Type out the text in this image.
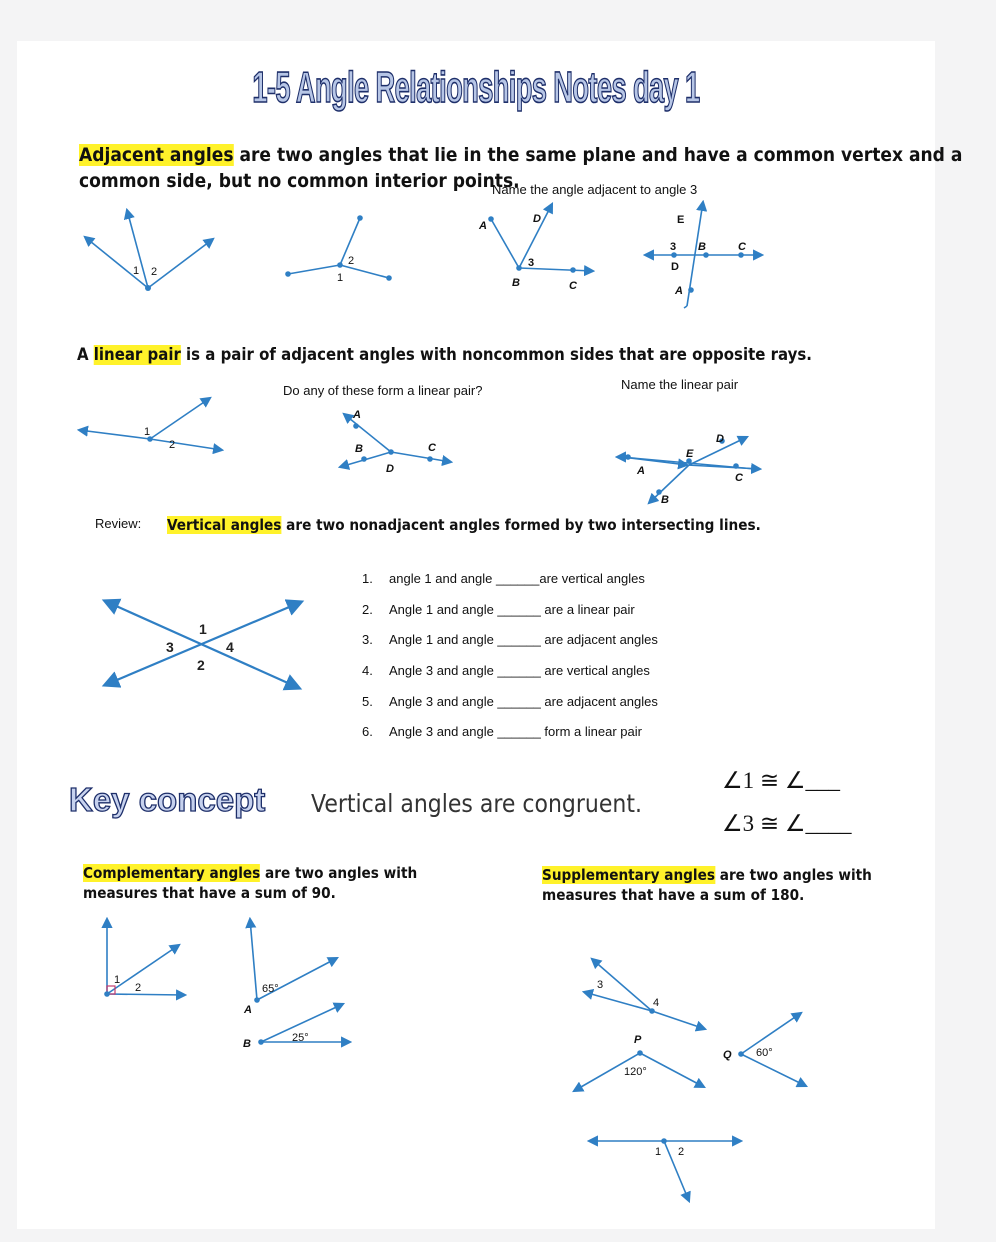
1-5 Angle Relationships Notes day 1
Adjacent angles are two angles that lie in the same plane and have a common vertex and a
common side, but no common interior points.
Name the angle adjacent to angle 3
1 2
2
1
A
D
3
B	C
E
3 B	C
D
A
A linear pair is a pair of adjacent angles with noncommon sides that are opposite rays.
Do any of these form a linear pair?	Name the linear pair
1
2
A
B	C
D	A
E
C
D
B
Review: Vertical angles are two nonadjacent angles formed by two intersecting lines.
1
3	4
2
1. angle 1 and angle ______are vertical angles
2. Angle 1 and angle ______ are a linear pair
3. Angle 1 and angle ______ are adjacent angles
4. Angle 3 and angle ______ are vertical angles
5. Angle 3 and angle ______ are adjacent angles
6. Angle 3 and angle ______ form a linear pair
Key concept Vertical angles are congruent.
∠1 ≅ ∠___
∠3 ≅ ∠____
Complementary angles are two angles with
measures that have a sum of 90.
Supplementary angles are two angles with
measures that have a sum of 180.
1
2	65°
A
25°
B
3
4
P
120°
Q 60°
1 2
